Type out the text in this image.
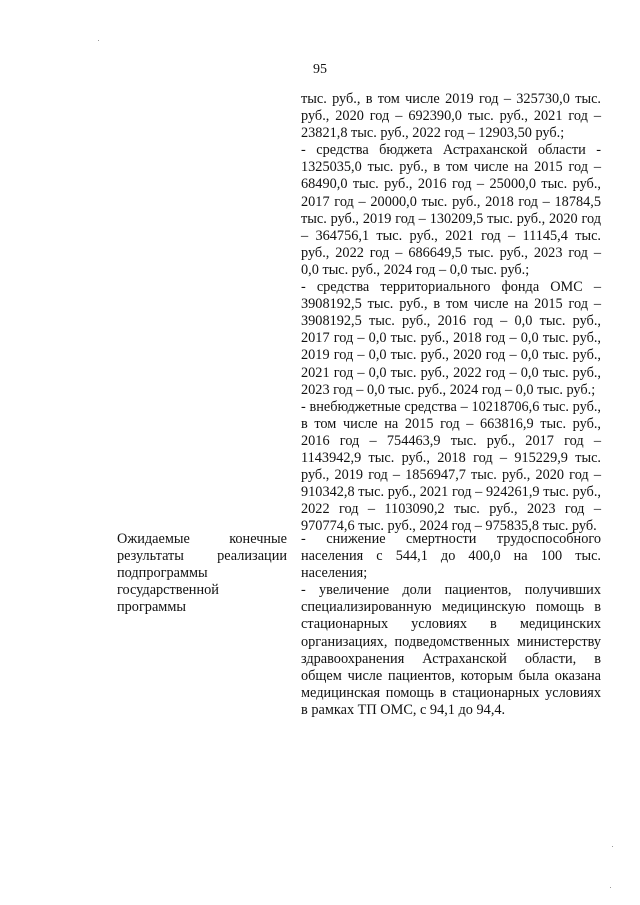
95

тыс. руб., в том числе 2019 год – 325730,0 тыс. руб., 2020 год – 692390,0 тыс. руб., 2021 год – 23821,8 тыс. руб., 2022 год – 12903,50 руб.;

- средства бюджета Астраханской области - 1325035,0 тыс. руб., в том числе на 2015 год – 68490,0 тыс. руб., 2016 год – 25000,0 тыс. руб., 2017 год – 20000,0 тыс. руб., 2018 год – 18784,5 тыс. руб., 2019 год – 130209,5 тыс. руб., 2020 год – 364756,1 тыс. руб., 2021 год – 11145,4 тыс. руб., 2022 год – 686649,5 тыс. руб., 2023 год – 0,0 тыс. руб., 2024 год – 0,0 тыс. руб.;

- средства территориального фонда ОМС – 3908192,5 тыс. руб., в том числе на 2015 год – 3908192,5 тыс. руб., 2016 год – 0,0 тыс. руб., 2017 год – 0,0 тыс. руб., 2018 год – 0,0 тыс. руб., 2019 год – 0,0 тыс. руб., 2020 год – 0,0 тыс. руб., 2021 год – 0,0 тыс. руб., 2022 год – 0,0 тыс. руб., 2023 год – 0,0 тыс. руб., 2024 год – 0,0 тыс. руб.;

- внебюджетные средства – 10218706,6 тыс. руб., в том числе на 2015 год – 663816,9 тыс. руб., 2016 год – 754463,9 тыс. руб., 2017 год – 1143942,9 тыс. руб., 2018 год – 915229,9 тыс. руб., 2019 год – 1856947,7 тыс. руб., 2020 год – 910342,8 тыс. руб., 2021 год – 924261,9 тыс. руб., 2022 год – 1103090,2 тыс. руб., 2023 год – 970774,6 тыс. руб., 2024 год – 975835,8 тыс. руб.

Ожидаемые конечные результаты реализации подпрограммы государственной программы

- снижение смертности трудоспособного населения с 544,1 до 400,0 на 100 тыс. населения;

- увеличение доли пациентов, получивших специализированную медицинскую помощь в стационарных условиях в медицинских организациях, подведомственных министерству здравоохранения Астраханской области, в общем числе пациентов, которым была оказана медицинская помощь в стационарных условиях в рамках ТП ОМС, с 94,1 до 94,4.
